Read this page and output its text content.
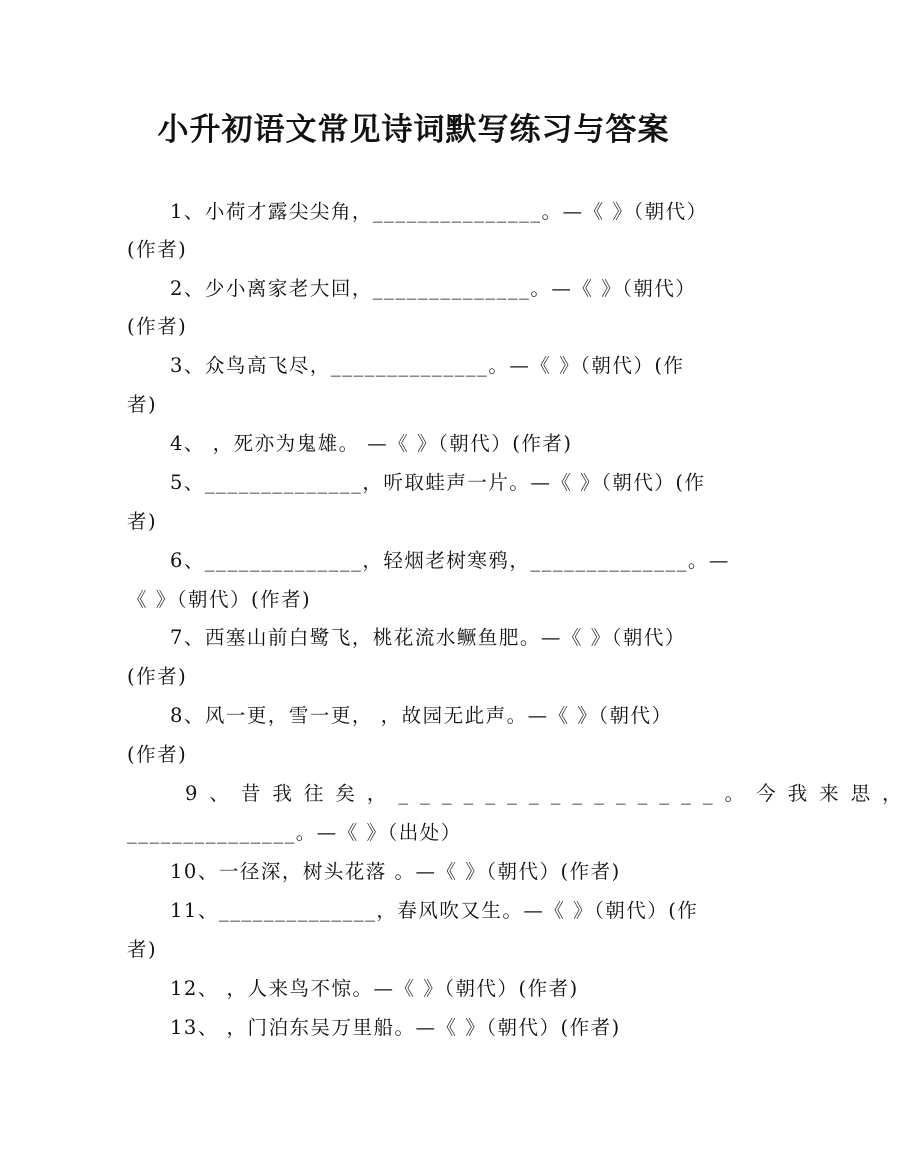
小升初语文常见诗词默写练习与答案
1、小荷才露尖尖角，_______________。—《 》（朝代）
(作者)
2、少小离家老大回，______________。—《 》（朝代）
(作者)
3、众鸟高飞尽，______________。—《 》（朝代）(作
者)
4、 ，死亦为鬼雄。 —《 》（朝代）(作者)
5、______________，听取蛙声一片。—《 》（朝代）(作
者)
6、______________，轻烟老树寒鸦，______________。—
《 》（朝代）(作者)
7、西塞山前白鹭飞，桃花流水鳜鱼肥。—《 》（朝代）
(作者)
8、风一更，雪一更， ，故园无此声。—《 》（朝代）
(作者)
9、昔我往矣，_______________。今我来思，
_______________。—《 》（出处）
10、一径深，树头花落 。—《 》（朝代）(作者)
11、______________，春风吹又生。—《 》（朝代）(作
者)
12、 ，人来鸟不惊。—《 》（朝代）(作者)
13、 ，门泊东吴万里船。—《 》（朝代）(作者)
